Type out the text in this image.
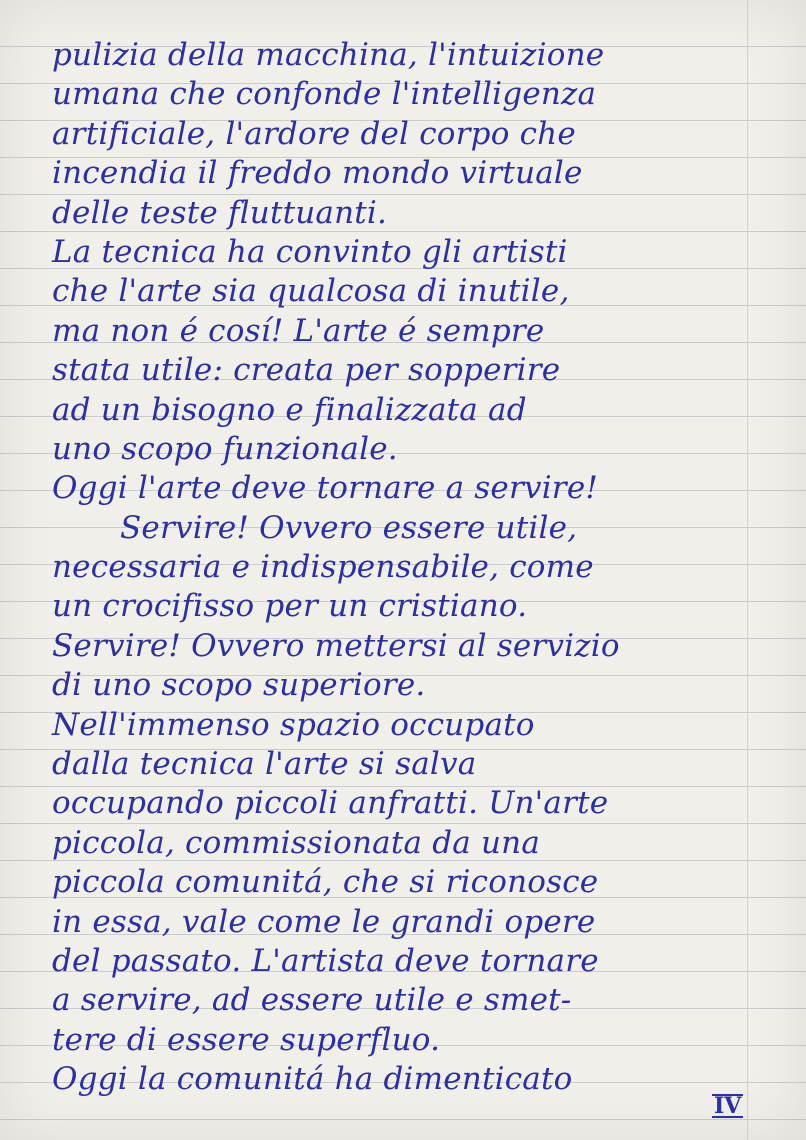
pulizia della macchina, l'intuizione
umana che confonde l'intelligenza
artificiale, l'ardore del corpo che
incendia il freddo mondo virtuale
delle teste fluttuanti.
La tecnica ha convinto gli artisti
che l'arte sia qualcosa di inutile,
ma non é cosí! L'arte é sempre
stata utile: creata per sopperire
ad un bisogno e finalizzata ad
uno scopo funzionale.
Oggi l'arte deve tornare a servire!
Servire! Ovvero essere utile,
necessaria e indispensabile, come
un crocifisso per un cristiano.
Servire! Ovvero mettersi al servizio
di uno scopo superiore.
Nell'immenso spazio occupato
dalla tecnica l'arte si salva
occupando piccoli anfratti. Un'arte
piccola, commissionata da una
piccola comunitá, che si riconosce
in essa, vale come le grandi opere
del passato. L'artista deve tornare
a servire, ad essere utile e smet-
tere di essere superfluo.
Oggi la comunitá ha dimenticato
IV
